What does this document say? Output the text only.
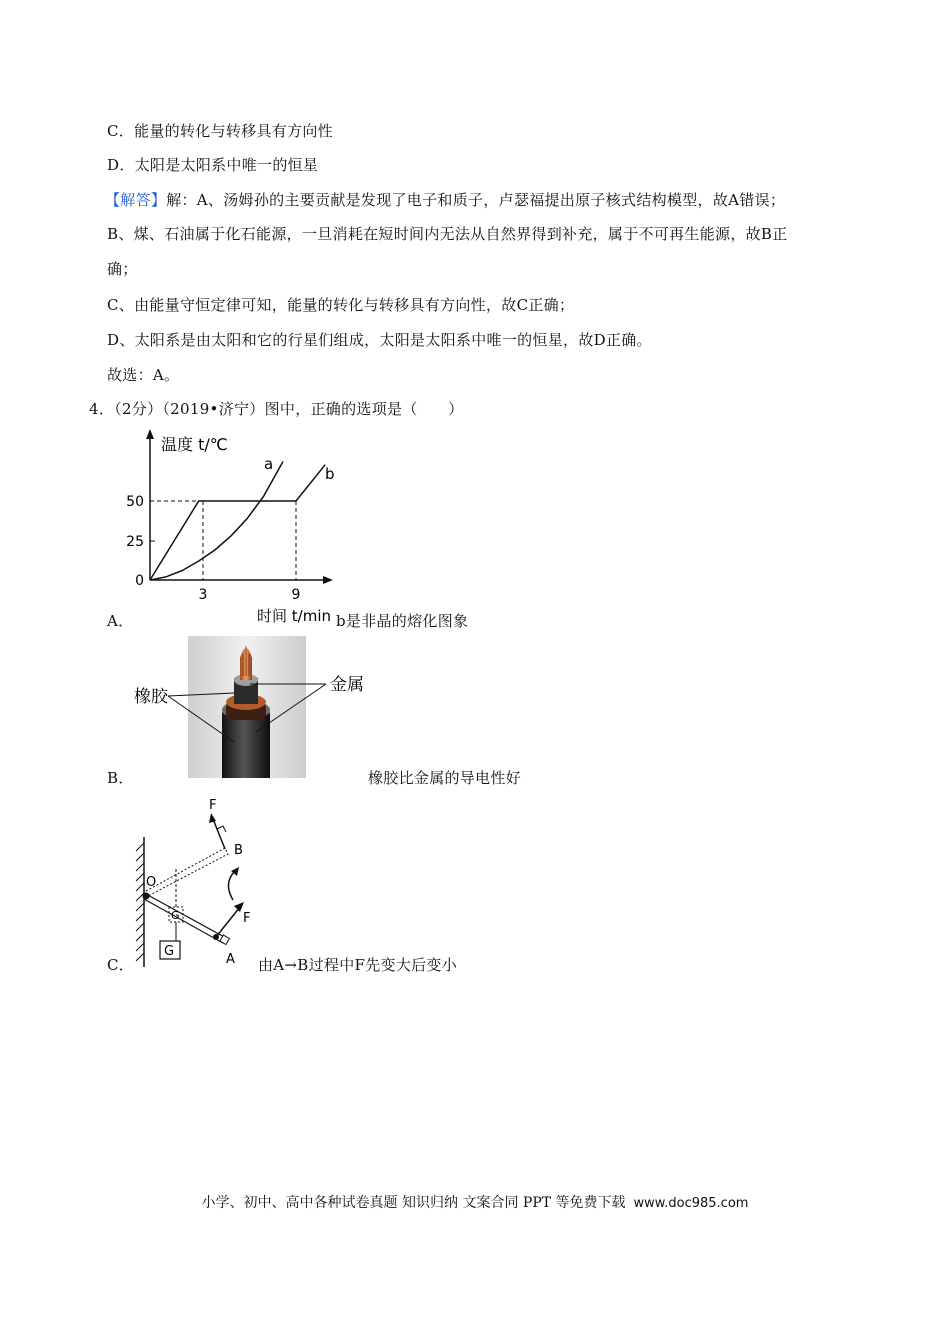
C．能量的转化与转移具有方向性
D．太阳是太阳系中唯一的恒星
【解答】解：A、汤姆孙的主要贡献是发现了电子和质子，卢瑟福提出原子核式结构模型，故A错误；
B、煤、石油属于化石能源，一旦消耗在短时间内无法从自然界得到补充，属于不可再生能源，故B正
确；
C、由能量守恒定律可知，能量的转化与转移具有方向性，故C正确；
D、太阳系是由太阳和它的行星们组成，太阳是太阳系中唯一的恒星，故D正确。
故选：A。
4．（2分）（2019•济宁）图中，正确的选项是（　　）
A．
温度 t/℃
时间 t/min
50
25
0
3	9
a
b
b是非晶的熔化图象
B．
橡胶
金属
橡胶比金属的导电性好
C．
F
B
O
F
G
G
A 由A→B过程中F先变大后变小
小学、初中、高中各种试卷真题 知识归纳 文案合同 PPT 等免费下载 www.doc985.com
